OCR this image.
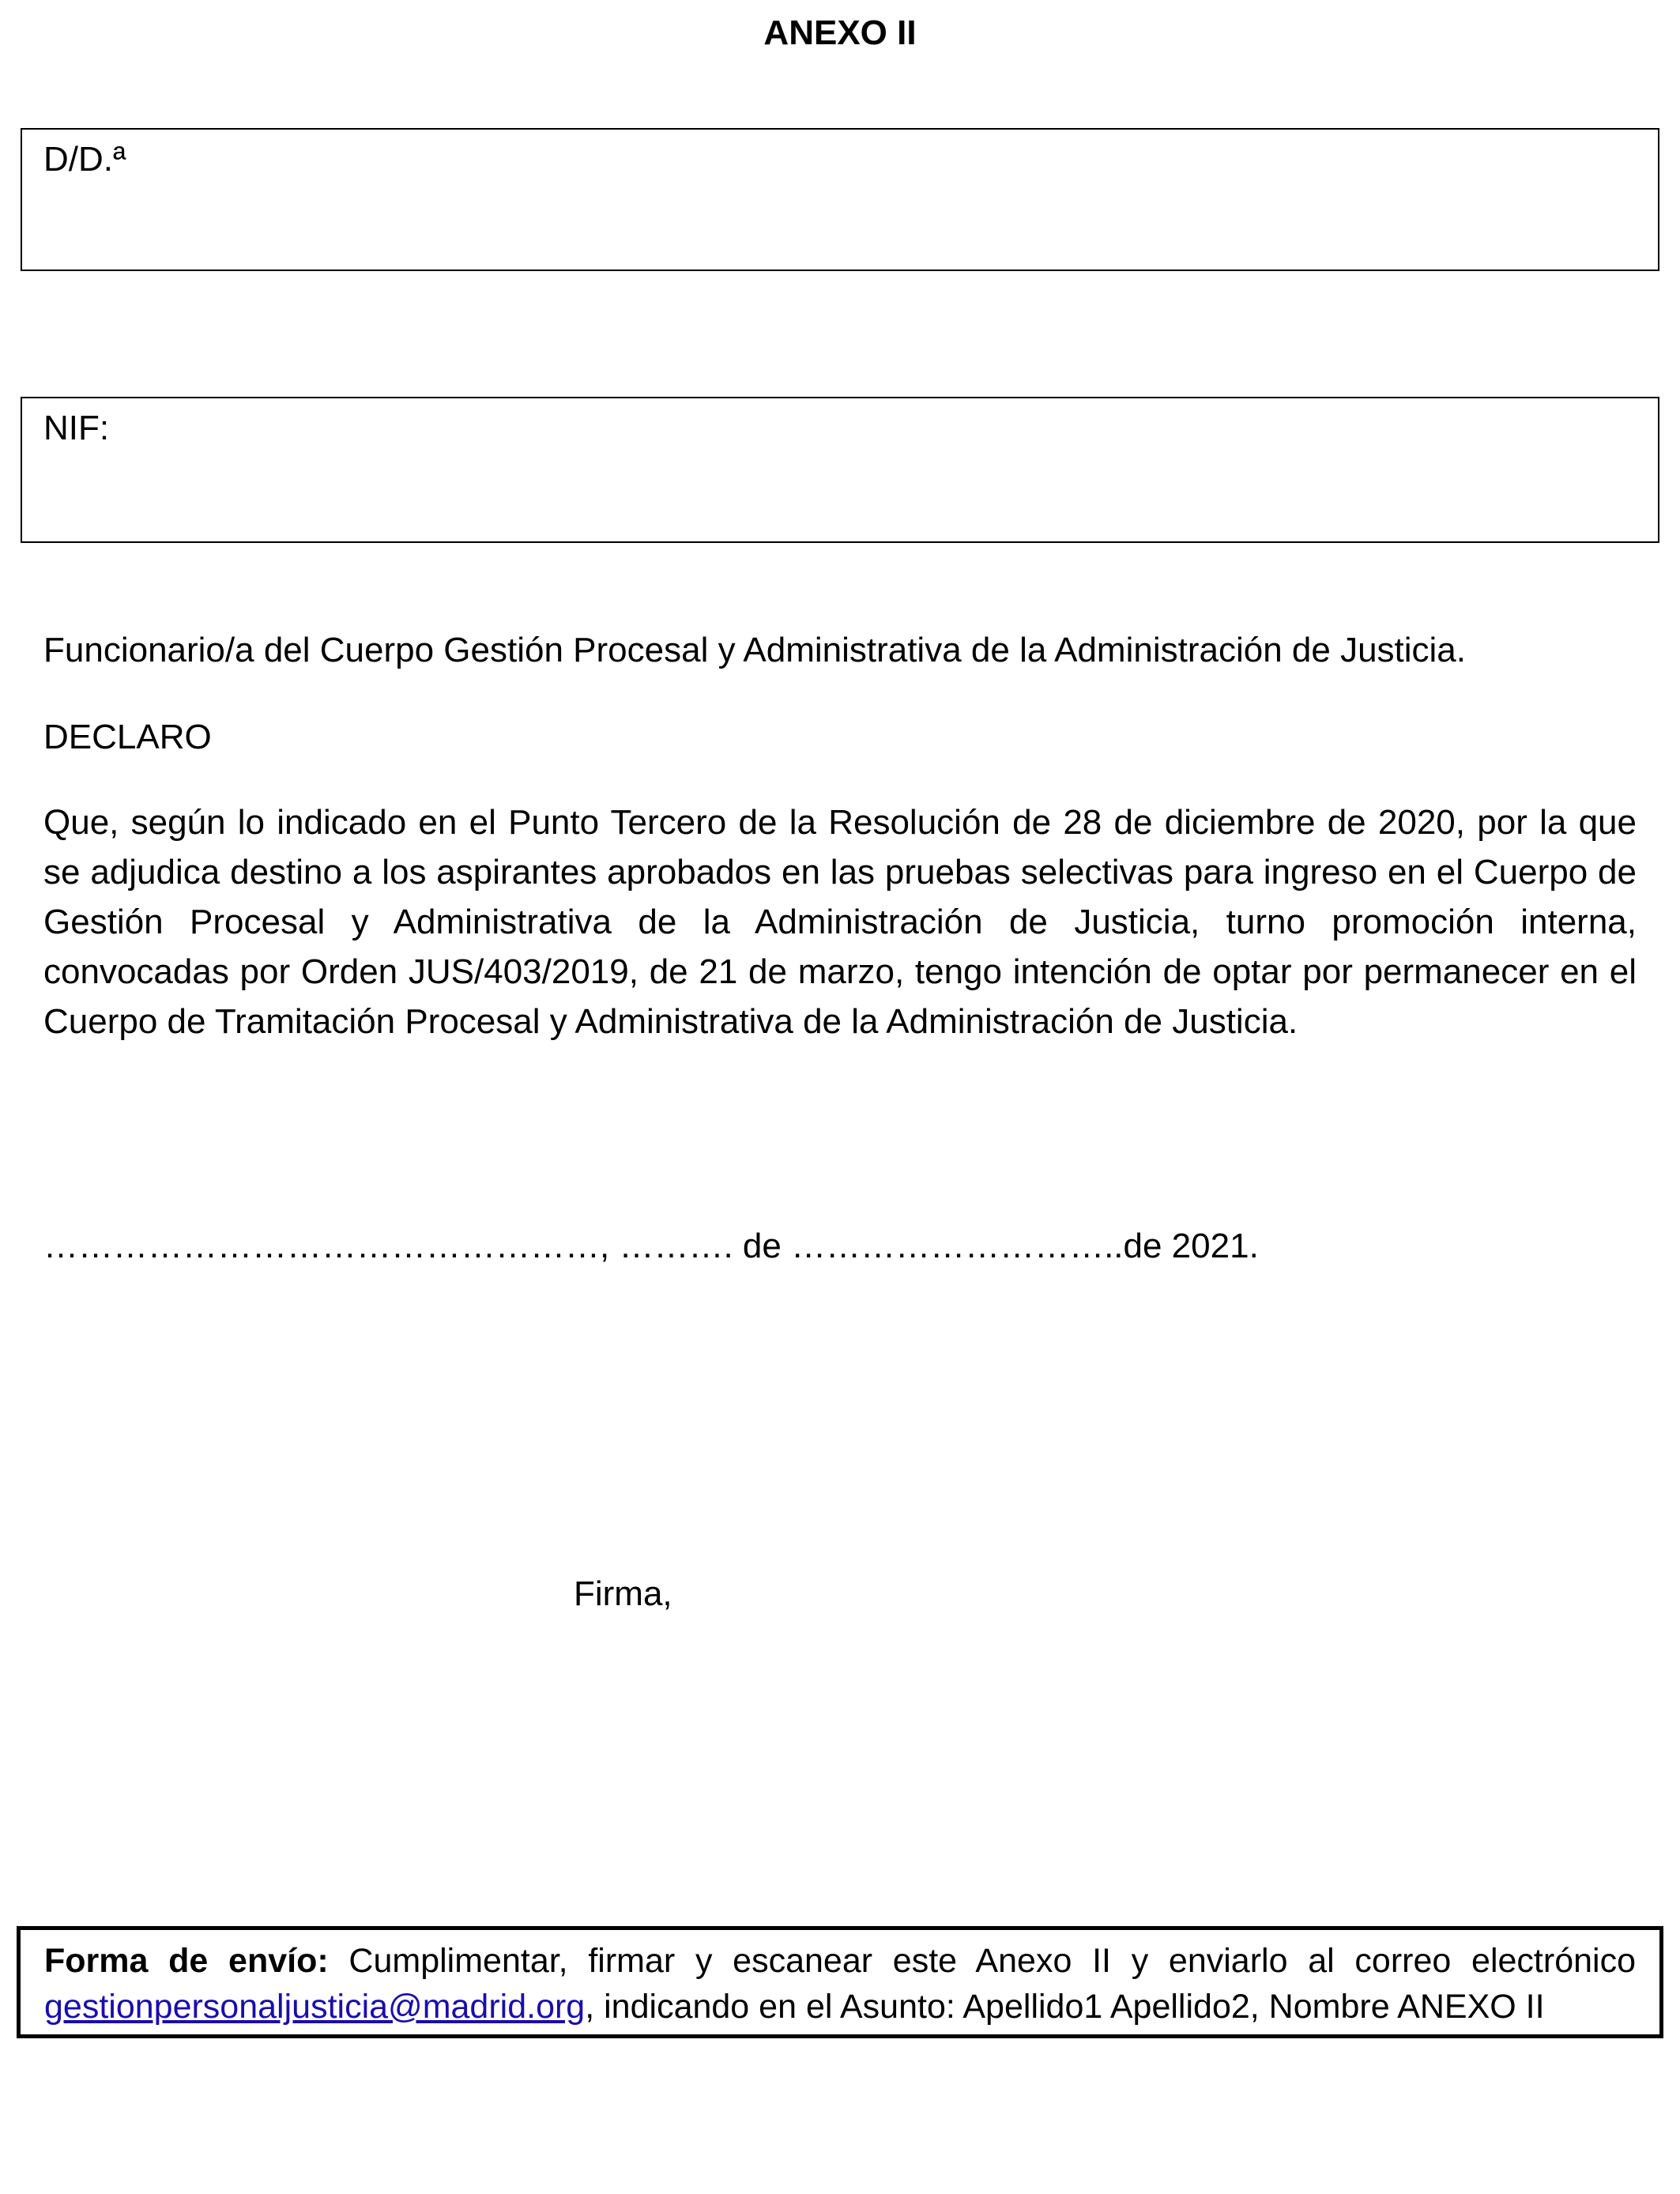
ANEXO II
D/D.ª
NIF:
Funcionario/a del Cuerpo Gestión Procesal y Administrativa de la Administración de Justicia.
DECLARO
Que, según lo indicado en el Punto Tercero de la Resolución de 28 de diciembre de 2020, por la que se adjudica destino a los aspirantes aprobados en las pruebas selectivas para ingreso en el Cuerpo de Gestión Procesal y Administrativa de la Administración de Justicia, turno promoción interna, convocadas por Orden JUS/403/2019, de 21 de marzo, tengo intención de optar por permanecer en el Cuerpo de Tramitación Procesal y Administrativa de la Administración de Justicia.
…………………………………………, ………. de ………………………..de 2021.
Firma,
Forma de envío: Cumplimentar, firmar y escanear este Anexo II y enviarlo al correo electrónico gestionpersonaljusticia@madrid.org, indicando en el Asunto: Apellido1 Apellido2, Nombre ANEXO II
